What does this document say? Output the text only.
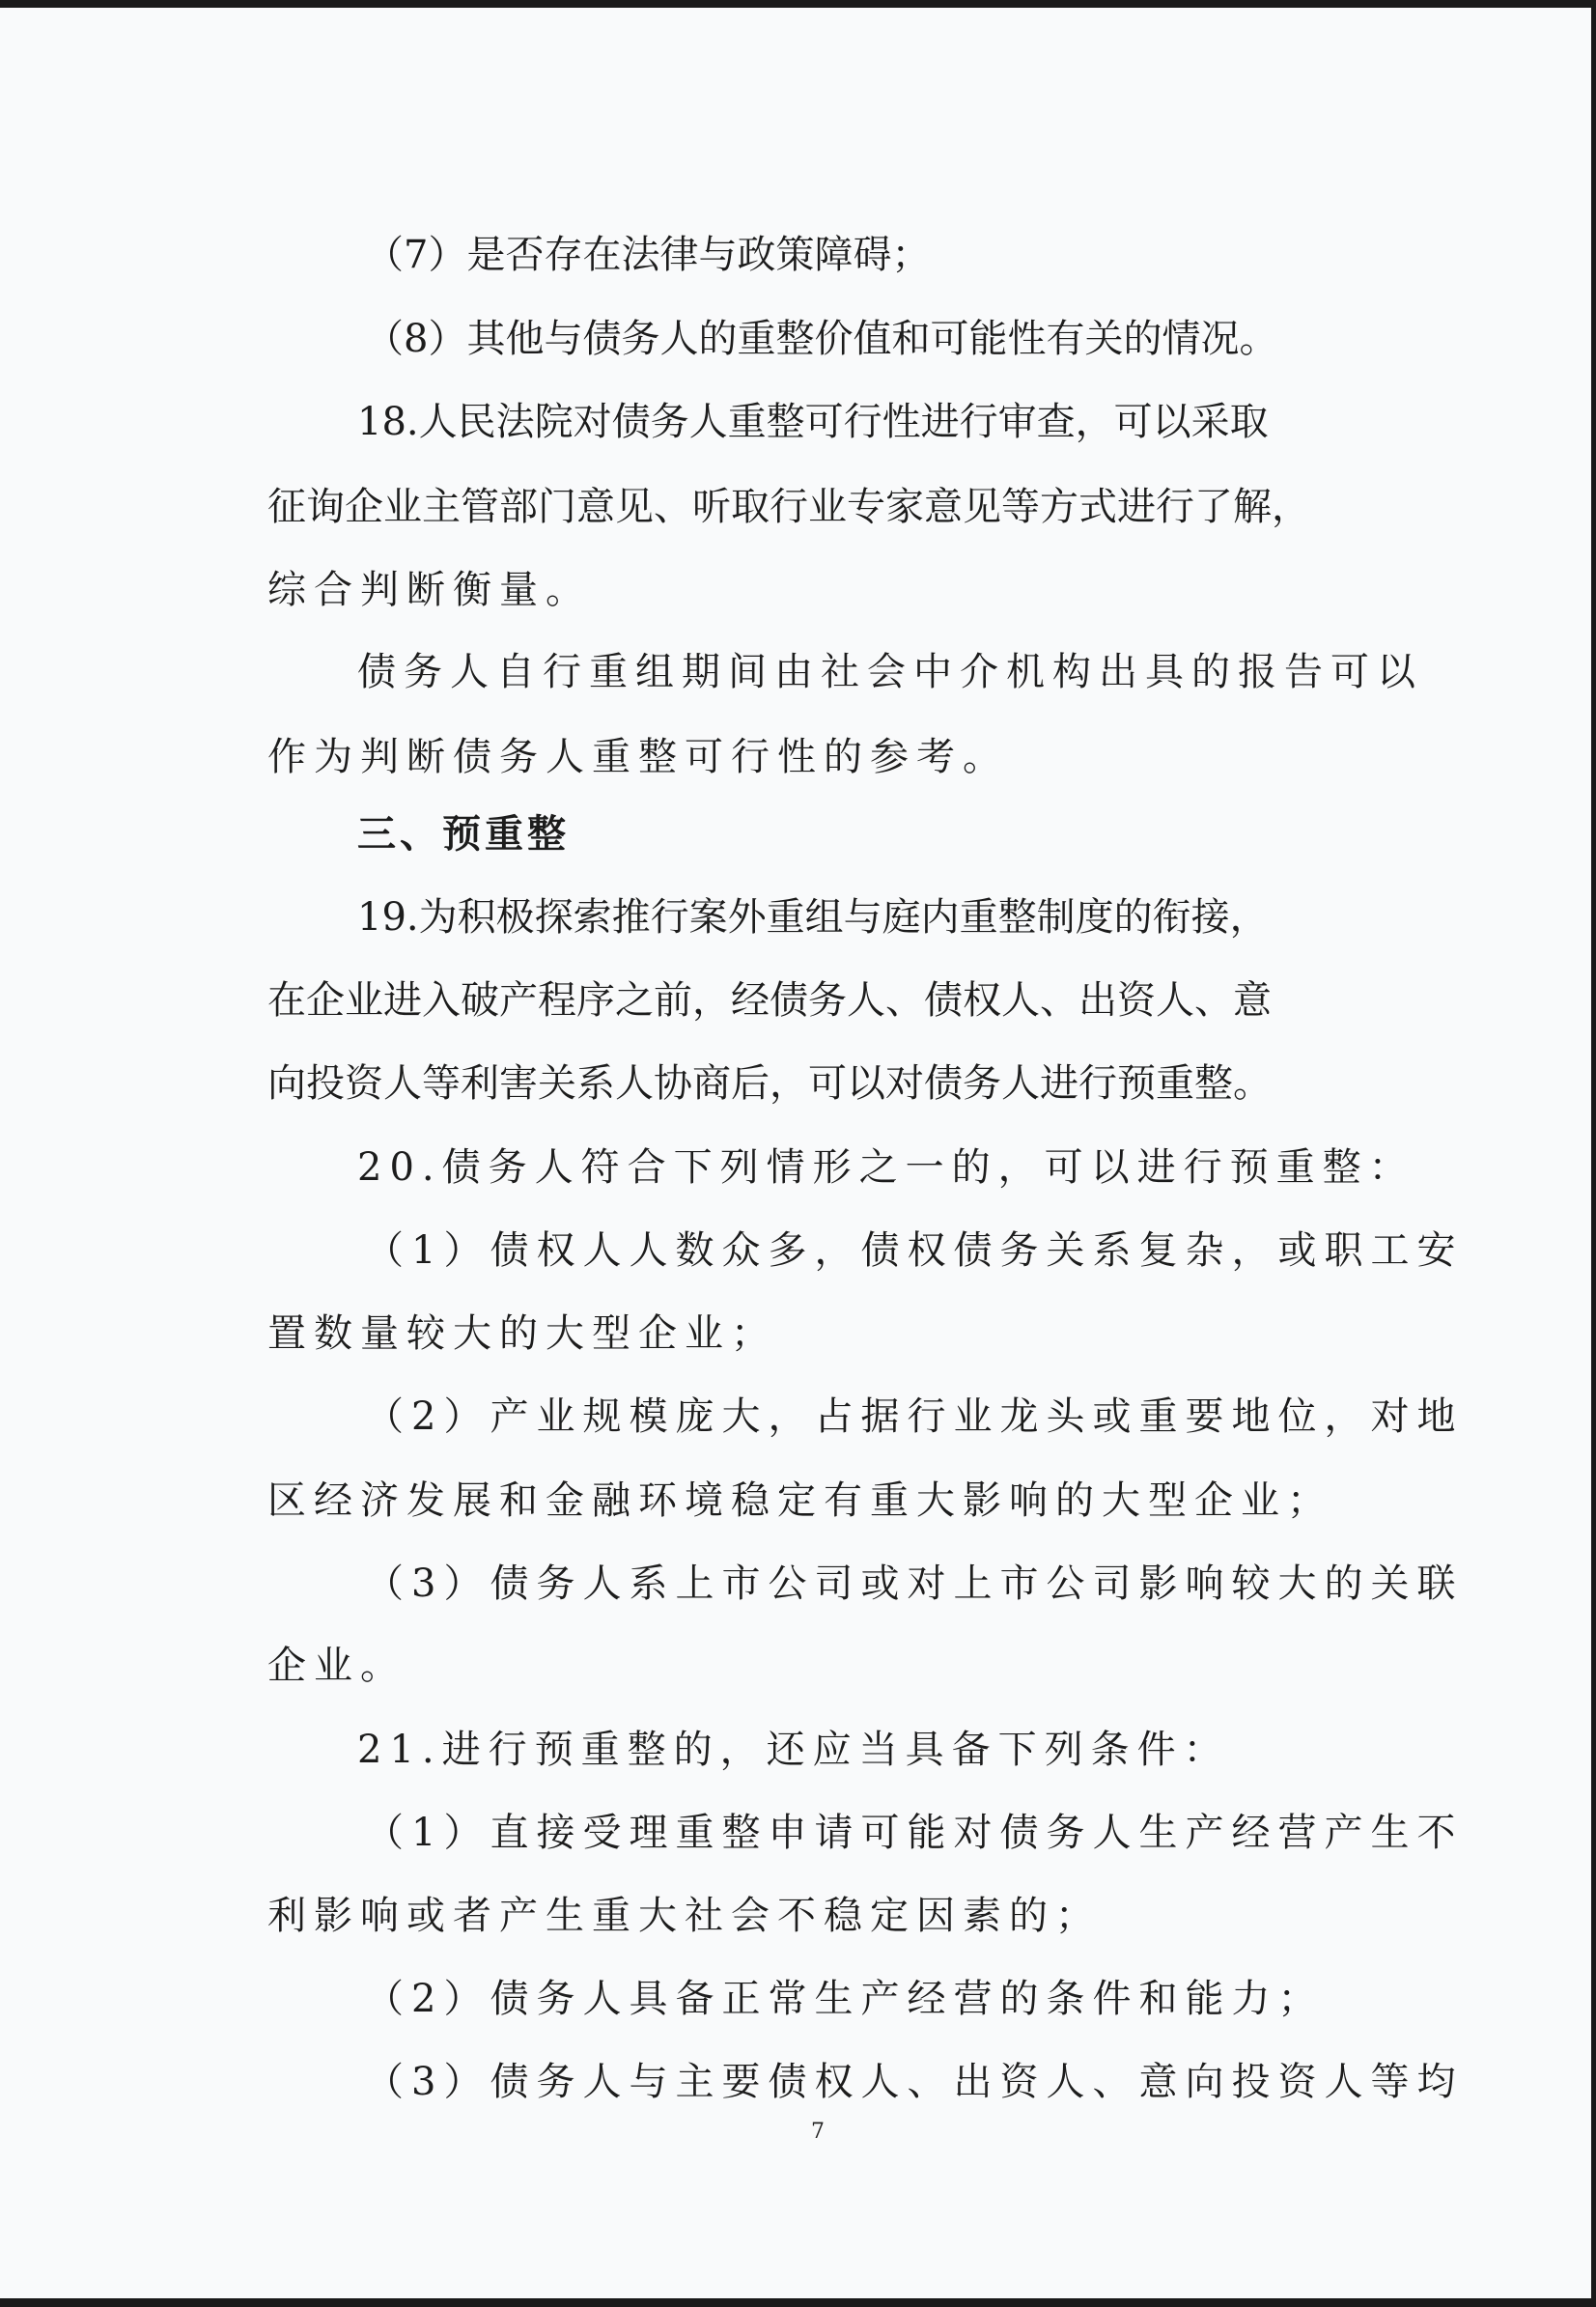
（7）是否存在法律与政策障碍；
（8）其他与债务人的重整价值和可能性有关的情况。
18.人民法院对债务人重整可行性进行审查，可以采取
征询企业主管部门意见、听取行业专家意见等方式进行了解，
综合判断衡量。
债务人自行重组期间由社会中介机构出具的报告可以
作为判断债务人重整可行性的参考。
三、预重整
19.为积极探索推行案外重组与庭内重整制度的衔接，
在企业进入破产程序之前，经债务人、债权人、出资人、意
向投资人等利害关系人协商后，可以对债务人进行预重整。
20.债务人符合下列情形之一的，可以进行预重整：
（1）债权人人数众多，债权债务关系复杂，或职工安
置数量较大的大型企业；
（2）产业规模庞大，占据行业龙头或重要地位，对地
区经济发展和金融环境稳定有重大影响的大型企业；
（3）债务人系上市公司或对上市公司影响较大的关联
企业。
21.进行预重整的，还应当具备下列条件：
（1）直接受理重整申请可能对债务人生产经营产生不
利影响或者产生重大社会不稳定因素的；
（2）债务人具备正常生产经营的条件和能力；
（3）债务人与主要债权人、出资人、意向投资人等均
7
